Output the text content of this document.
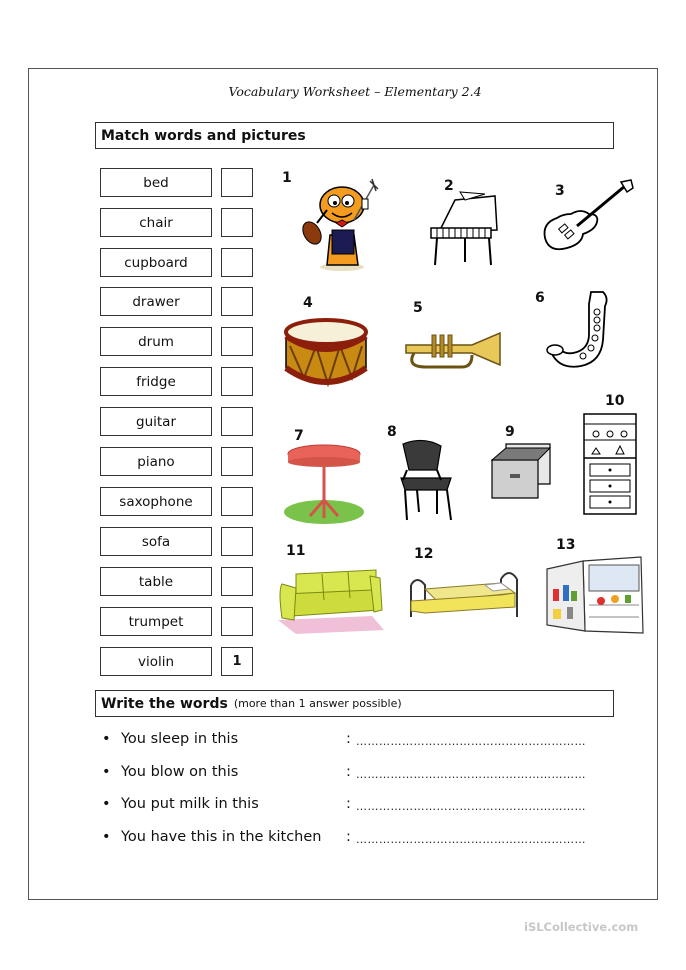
Vocabulary Worksheet – Elementary 2.4
Match words and pictures
bed
chair
cupboard
drawer
drum
fridge
guitar
piano
saxophone
sofa
table
trumpet
violin	1
1	2	3
4	5
6
7	8	9
10
11	12
13
Write the words (more than 1 answer possible)
• You sleep in this	: ……………………………………………………
• You blow on this	: ……………………………………………………
• You put milk in this	: ……………………………………………………
• You have this in the kitchen	: ……………………………………………………
iSLCollective.com
